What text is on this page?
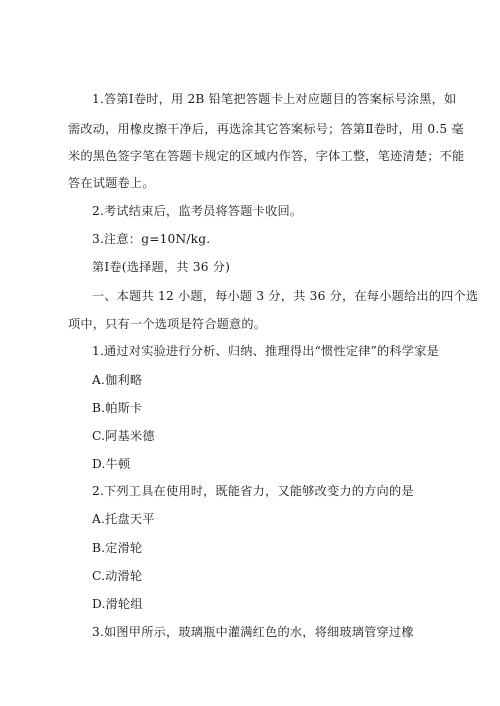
1.答第Ⅰ卷时，用 2B 铅笔把答题卡上对应题目的答案标号涂黑，如
需改动，用橡皮擦干净后，再选涂其它答案标号；答第Ⅱ卷时，用 0.5 毫
米的黑色签字笔在答题卡规定的区域内作答，字体工整，笔迹清楚；不能
答在试题卷上。
2.考试结束后，监考员将答题卡收回。
3.注意：g=10N/kg.
第Ⅰ卷(选择题，共 36 分)
一、本题共 12 小题，每小题 3 分，共 36 分，在每小题给出的四个选
项中，只有一个选项是符合题意的。
1.通过对实验进行分析、归纳、推理得出“惯性定律”的科学家是
A.伽利略
B.帕斯卡
C.阿基米德
D.牛顿
2.下列工具在使用时，既能省力，又能够改变力的方向的是
A.托盘天平
B.定滑轮
C.动滑轮
D.滑轮组
3.如图甲所示，玻璃瓶中灌满红色的水，将细玻璃管穿过橡
